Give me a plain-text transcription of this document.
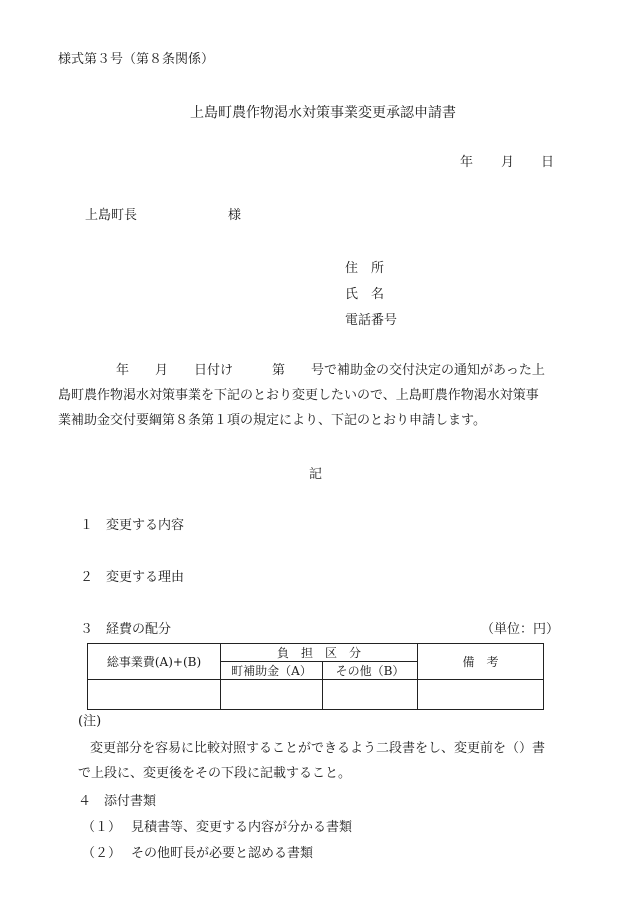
様式第３号（第８条関係）
上島町農作物渇水対策事業変更承認申請書
年 月 日
上島町長	様
住　所
氏　名
電話番号
年　　月　　日付け　　　第　　号で補助金の交付決定の通知があった上
島町農作物渇水対策事業を下記のとおり変更したいので、上島町農作物渇水対策事
業補助金交付要綱第８条第１項の規定により、下記のとおり申請します。
記
１　変更する内容
２　変更する理由
３　経費の配分	（単位：円）
総事業費(A)+(B)	負　担　区　分		備　考
	町補助金（A）	その他（B）	

(注)
変更部分を容易に比較対照することができるよう二段書をし、変更前を（）書
で上段に、変更後をその下段に記載すること。
４　添付書類
（１） 見積書等、変更する内容が分かる書類
（２） その他町長が必要と認める書類
